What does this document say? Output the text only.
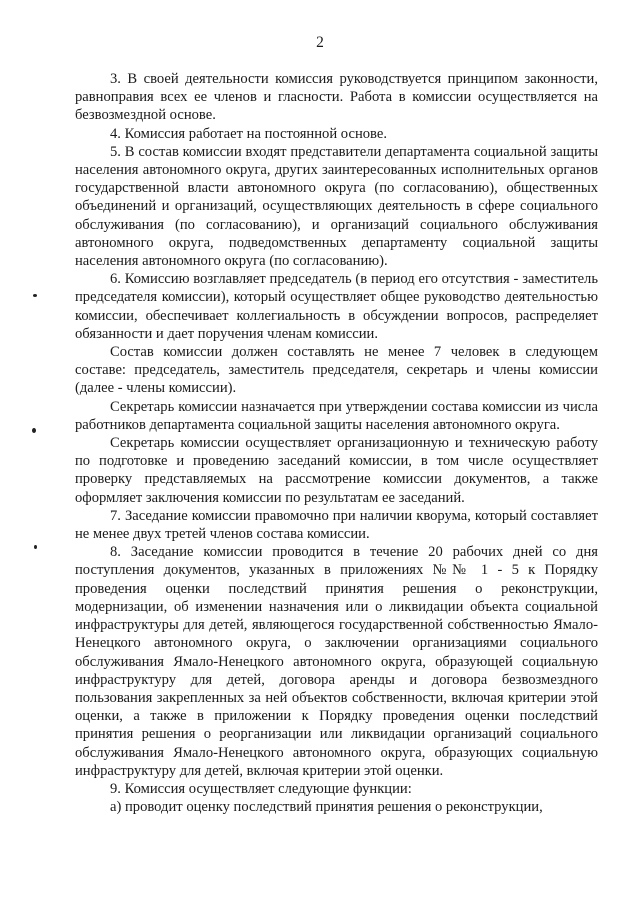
2

3. В своей деятельности комиссия руководствуется принципом законности, равноправия всех ее членов и гласности. Работа в комиссии осуществляется на безвозмездной основе.

4. Комиссия работает на постоянной основе.

5. В состав комиссии входят представители департамента социальной защиты населения автономного округа, других заинтересованных исполнительных органов государственной власти автономного округа (по согласованию), общественных объединений и организаций, осуществляющих деятельность в сфере социального обслуживания (по согласованию), и организаций социального обслуживания автономного округа, подведомственных департаменту социальной защиты населения автономного округа (по согласованию).

6. Комиссию возглавляет председатель (в период его отсутствия - заместитель председателя комиссии), который осуществляет общее руководство деятельностью комиссии, обеспечивает коллегиальность в обсуждении вопросов, распределяет обязанности и дает поручения членам комиссии.

Состав комиссии должен составлять не менее 7 человек в следующем составе: председатель, заместитель председателя, секретарь и члены комиссии (далее - члены комиссии).

Секретарь комиссии назначается при утверждении состава комиссии из числа работников департамента социальной защиты населения автономного округа.

Секретарь комиссии осуществляет организационную и техническую работу по подготовке и проведению заседаний комиссии, в том числе осуществляет проверку представляемых на рассмотрение комиссии документов, а также оформляет заключения комиссии по результатам ее заседаний.

7. Заседание комиссии правомочно при наличии кворума, который составляет не менее двух третей членов состава комиссии.

8. Заседание комиссии проводится в течение 20 рабочих дней со дня поступления документов, указанных в приложениях №№ 1 - 5 к Порядку проведения оценки последствий принятия решения о реконструкции, модернизации, об изменении назначения или о ликвидации объекта социальной инфраструктуры для детей, являющегося государственной собственностью Ямало-Ненецкого автономного округа, о заключении организациями социального обслуживания Ямало-Ненецкого автономного округа, образующей социальную инфраструктуру для детей, договора аренды и договора безвозмездного пользования закрепленных за ней объектов собственности, включая критерии этой оценки, а также в приложении к Порядку проведения оценки последствий принятия решения о реорганизации или ликвидации организаций социального обслуживания Ямало-Ненецкого автономного округа, образующих социальную инфраструктуру для детей, включая критерии этой оценки.

9. Комиссия осуществляет следующие функции:

а) проводит оценку последствий принятия решения о реконструкции,
